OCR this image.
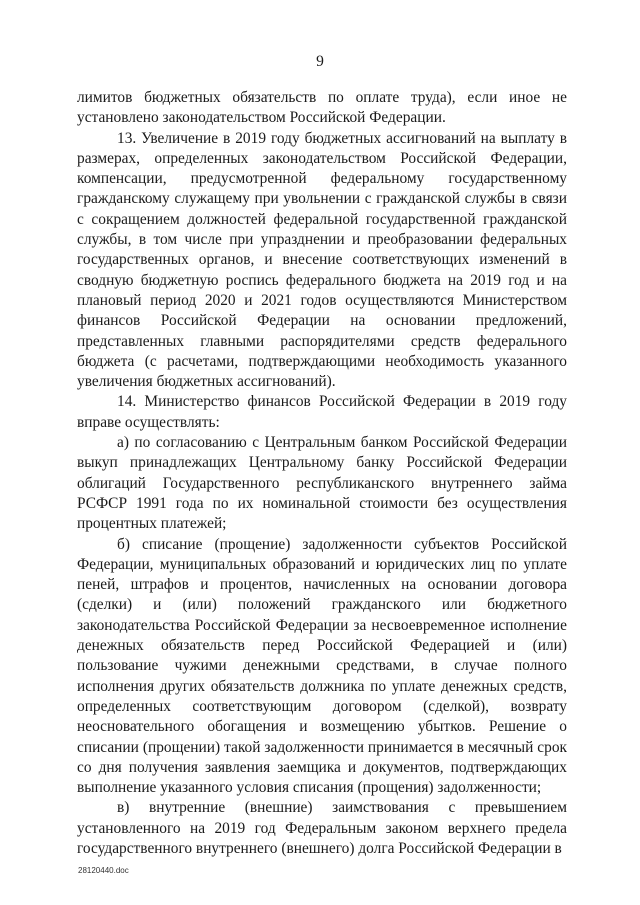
9

лимитов бюджетных обязательств по оплате труда), если иное не установлено законодательством Российской Федерации.

13. Увеличение в 2019 году бюджетных ассигнований на выплату в размерах, определенных законодательством Российской Федерации, компенсации, предусмотренной федеральному государственному гражданскому служащему при увольнении с гражданской службы в связи с сокращением должностей федеральной государственной гражданской службы, в том числе при упразднении и преобразовании федеральных государственных органов, и внесение соответствующих изменений в сводную бюджетную роспись федерального бюджета на 2019 год и на плановый период 2020 и 2021 годов осуществляются Министерством финансов Российской Федерации на основании предложений, представленных главными распорядителями средств федерального бюджета (с расчетами, подтверждающими необходимость указанного увеличения бюджетных ассигнований).

14. Министерство финансов Российской Федерации в 2019 году вправе осуществлять:

а) по согласованию с Центральным банком Российской Федерации выкуп принадлежащих Центральному банку Российской Федерации облигаций Государственного республиканского внутреннего займа РСФСР 1991 года по их номинальной стоимости без осуществления процентных платежей;

б) списание (прощение) задолженности субъектов Российской Федерации, муниципальных образований и юридических лиц по уплате пеней, штрафов и процентов, начисленных на основании договора (сделки) и (или) положений гражданского или бюджетного законодательства Российской Федерации за несвоевременное исполнение денежных обязательств перед Российской Федерацией и (или) пользование чужими денежными средствами, в случае полного исполнения других обязательств должника по уплате денежных средств, определенных соответствующим договором (сделкой), возврату неосновательного обогащения и возмещению убытков. Решение о списании (прощении) такой задолженности принимается в месячный срок со дня получения заявления заемщика и документов, подтверждающих выполнение указанного условия списания (прощения) задолженности;

в) внутренние (внешние) заимствования с превышением установленного на 2019 год Федеральным законом верхнего предела государственного внутреннего (внешнего) долга Российской Федерации в

28120440.doc
